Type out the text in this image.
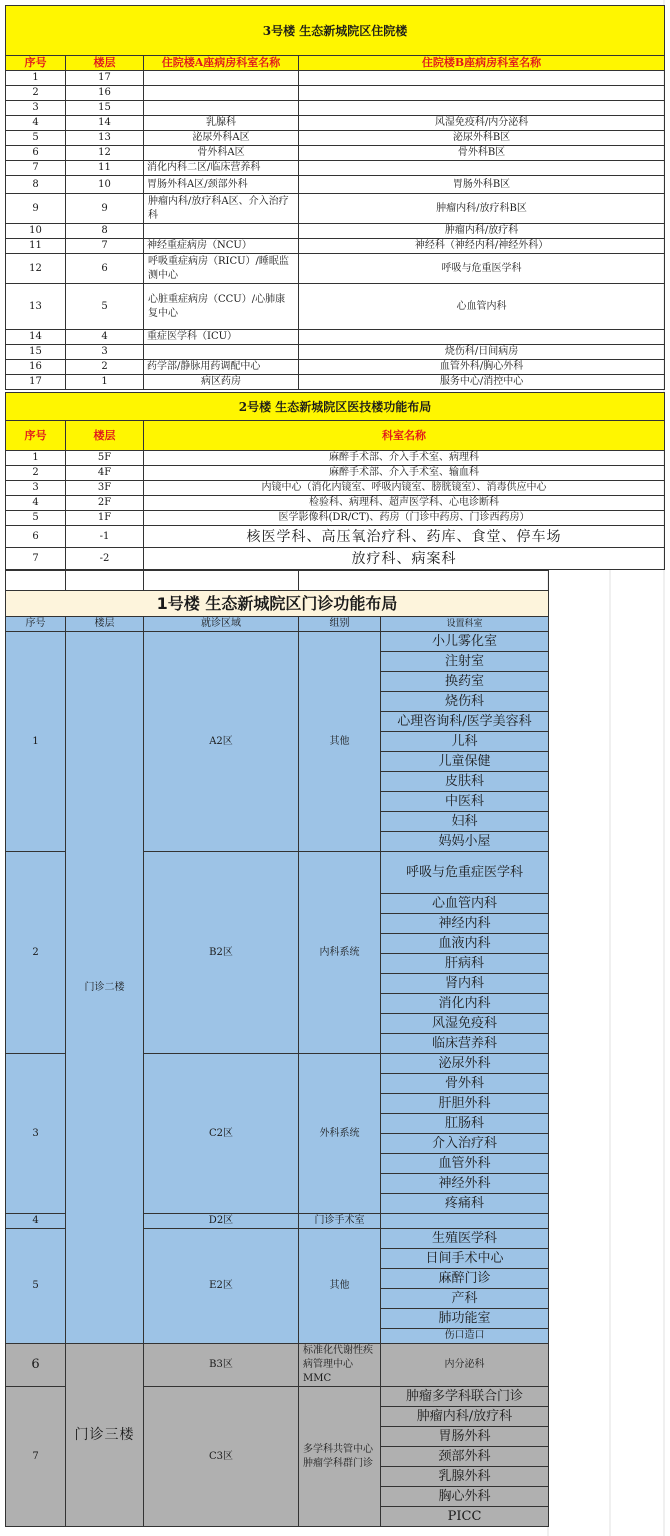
3号楼 生态新城院区住院楼			
序号	楼层	住院楼A座病房科室名称	住院楼B座病房科室名称
1	17		
2	16		
3	15		
4	14	乳腺科	风湿免疫科/内分泌科
5	13	泌尿外科A区	泌尿外科B区
6	12	骨外科A区	骨外科B区
7	11	消化内科二区/临床营养科	
8	10	胃肠外科A区/颈部外科	胃肠外科B区
9	9	肿瘤内科/放疗科A区、介入治疗科	肿瘤内科/放疗科B区
10	8		肿瘤内科/放疗科
11	7	神经重症病房（NCU）	神经科（神经内科/神经外科）
12	6	呼吸重症病房（RICU）/睡眠监测中心	呼吸与危重医学科
13	5	心脏重症病房（CCU）/心肺康复中心	心血管内科
14	4	重症医学科（ICU）	
15	3		烧伤科/日间病房
16	2	药学部/静脉用药调配中心	血管外科/胸心外科
17	1	病区药房	服务中心/消控中心
2号楼 生态新城院区医技楼功能布局		
序号	楼层	科室名称
1	5F	麻醉手术部、介入手术室、病理科
2	4F	麻醉手术部、介入手术室、输血科
3	3F	内镜中心（消化内镜室、呼吸内镜室、膀胱镜室）、消毒供应中心
4	2F	检验科、病理科、超声医学科、心电诊断科
5	1F	医学影像科(DR/CT)、药房（门诊中药房、门诊西药房）
6	-1	核医学科、高压氧治疗科、药库、食堂、停车场
7	-2	放疗科、病案科

1号楼 生态新城院区门诊功能布局				
序号	楼层	就诊区域	组别	设置科室
1	门诊二楼	A2区	其他	小儿雾化室
				注射室
				换药室
				烧伤科
				心理咨询科/医学美容科
				儿科
				儿童保健
				皮肤科
				中医科
				妇科
				妈妈小屋
2		B2区	内科系统	呼吸与危重症医学科
				心血管内科
				神经内科
				血液内科
				肝病科
				肾内科
				消化内科
				风湿免疫科
				临床营养科
3		C2区	外科系统	泌尿外科
				骨外科
				肝胆外科
				肛肠科
				介入治疗科
				血管外科
				神经外科
				疼痛科
4		D2区	门诊手术室	
5		E2区	其他	生殖医学科
				日间手术中心
				麻醉门诊
				产科
				肺功能室
				伤口造口
6	门诊三楼	B3区	标准化代谢性疾病管理中心MMC	内分泌科
7		C3区	多学科共管中心 肿瘤学科群门诊	肿瘤多学科联合门诊
				肿瘤内科/放疗科
				胃肠外科
				颈部外科
				乳腺外科
				胸心外科
				PICC
